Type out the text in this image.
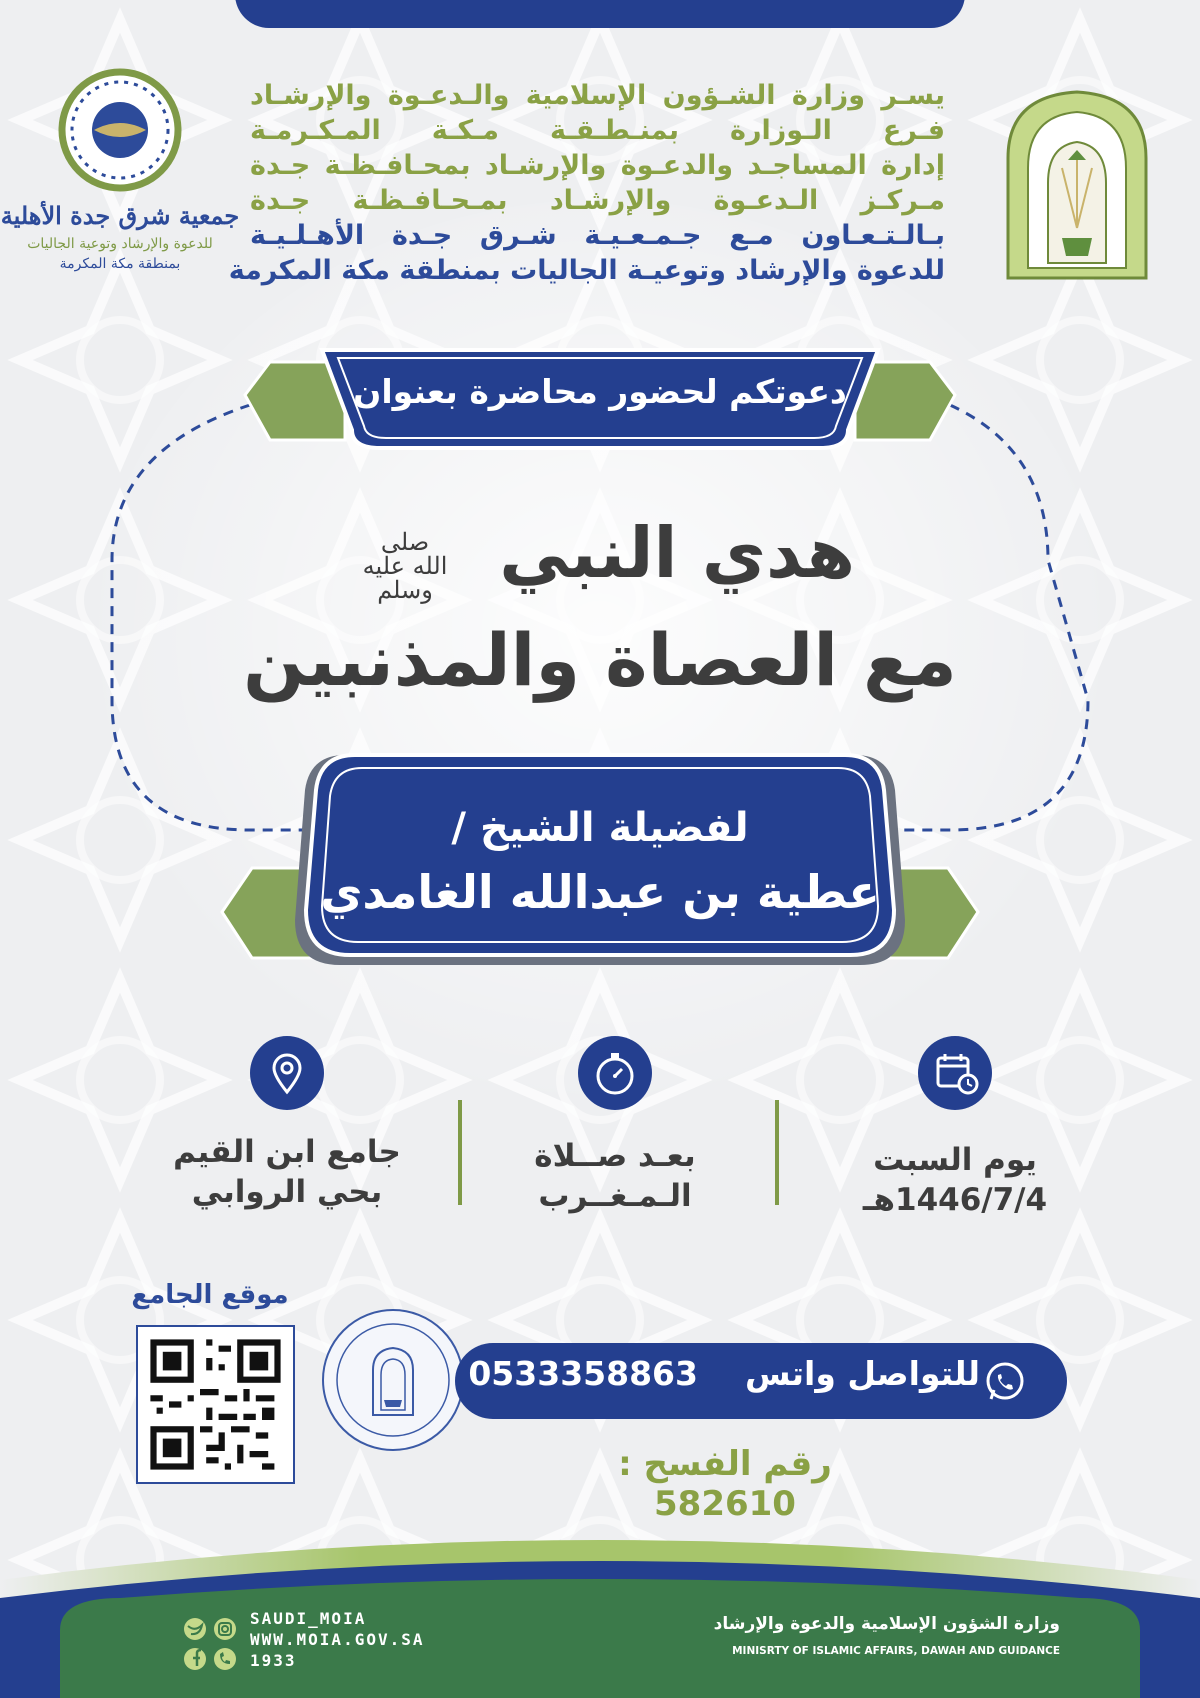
يسـر وزارة الشـؤون الإسلامية والـدعـوة والإرشـاد
فـرع الـوزارة بمنـطـقـة مـكـة المـكـرمـة
إدارة المساجـد والدعـوة والإرشـاد بمحـافـظـة جـدة
مـركـز الـدعـوة والإرشـاد بمـحـافـظـة جـدة
بـالـتـعـاون مـع جـمـعـيـة شـرق جـدة الأهـلـيـة
للدعوة والإرشاد وتوعيـة الجاليات بمنطقة مكة المكرمة
جمعية شرق جدة الأهلية
للدعوة والإرشاد وتوعية الجاليات
بمنطقة مكة المكرمة
دعوتكم لحضور محاضرة بعنوان
هدي النبي
صلى الله عليه وسلم
مع العصاة والمذنبين
لفضيلة الشيخ /
عطية بن عبدالله الغامدي
يوم السبت
1446/7/4هـ
بعـد صــلاة
الـمـغــرب
جامع ابن القيم
بحي الروابي
موقع الجامع
للتواصل واتس  0533358863
رقم الفسح : 582610
وزارة الشؤون الإسلامية والدعوة والإرشاد
MINISRTY OF ISLAMIC AFFAIRS, DAWAH AND GUIDANCE
SAUDI_MOIA
WWW.MOIA.GOV.SA
1933
